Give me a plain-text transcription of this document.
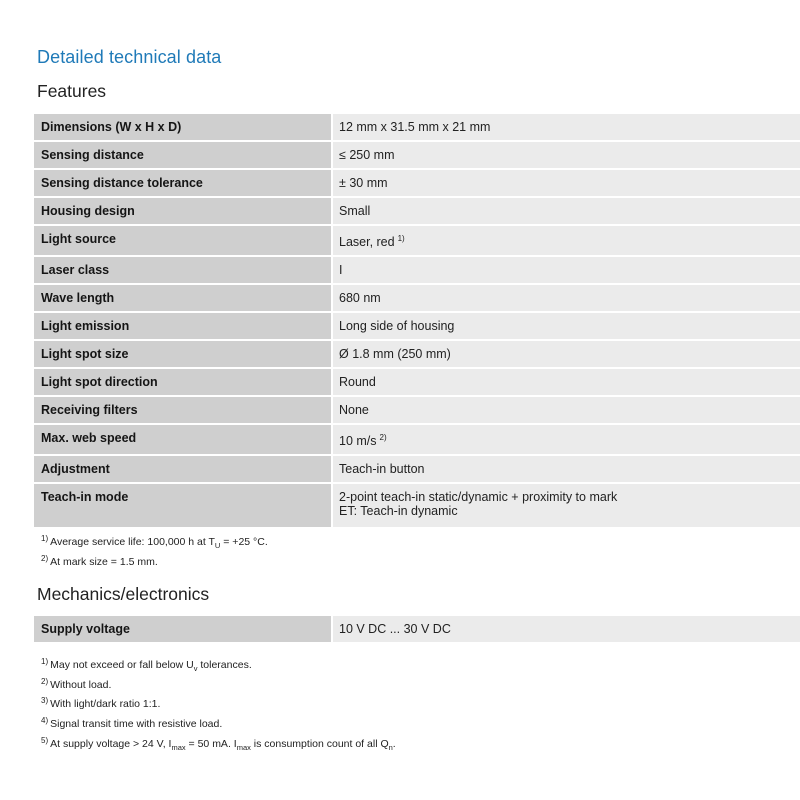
Detailed technical data
Features
Dimensions (W x H x D)	12 mm x 31.5 mm x 21 mm
Sensing distance	≤ 250 mm
Sensing distance tolerance	± 30 mm
Housing design	Small
Light source	Laser, red $^{1)}$
Laser class	I
Wave length	680 nm
Light emission	Long side of housing
Light spot size	Ø 1.8 mm (250 mm)
Light spot direction	Round
Receiving filters	None
Max. web speed	10 m/s $^{2)}$
Adjustment	Teach-in button
Teach-in mode	2-point teach-in static/dynamic + proximity to mark
ET: Teach-in dynamic
$^{1)}$ Average service life: 100,000 h at $T_U = +25$ °C.
$^{2)}$ At mark size = 1.5 mm.
Mechanics/electronics
Supply voltage	10 V DC ... 30 V DC
$^{1)}$ May not exceed or fall below $U_v$ tolerances.
$^{2)}$ Without load.
$^{3)}$ With light/dark ratio 1:1.
$^{4)}$ Signal transit time with resistive load.
$^{5)}$ At supply voltage > 24 V, $I_{max} = 50$ mA. $I_{max}$ is consumption count of all $Q_n$.
